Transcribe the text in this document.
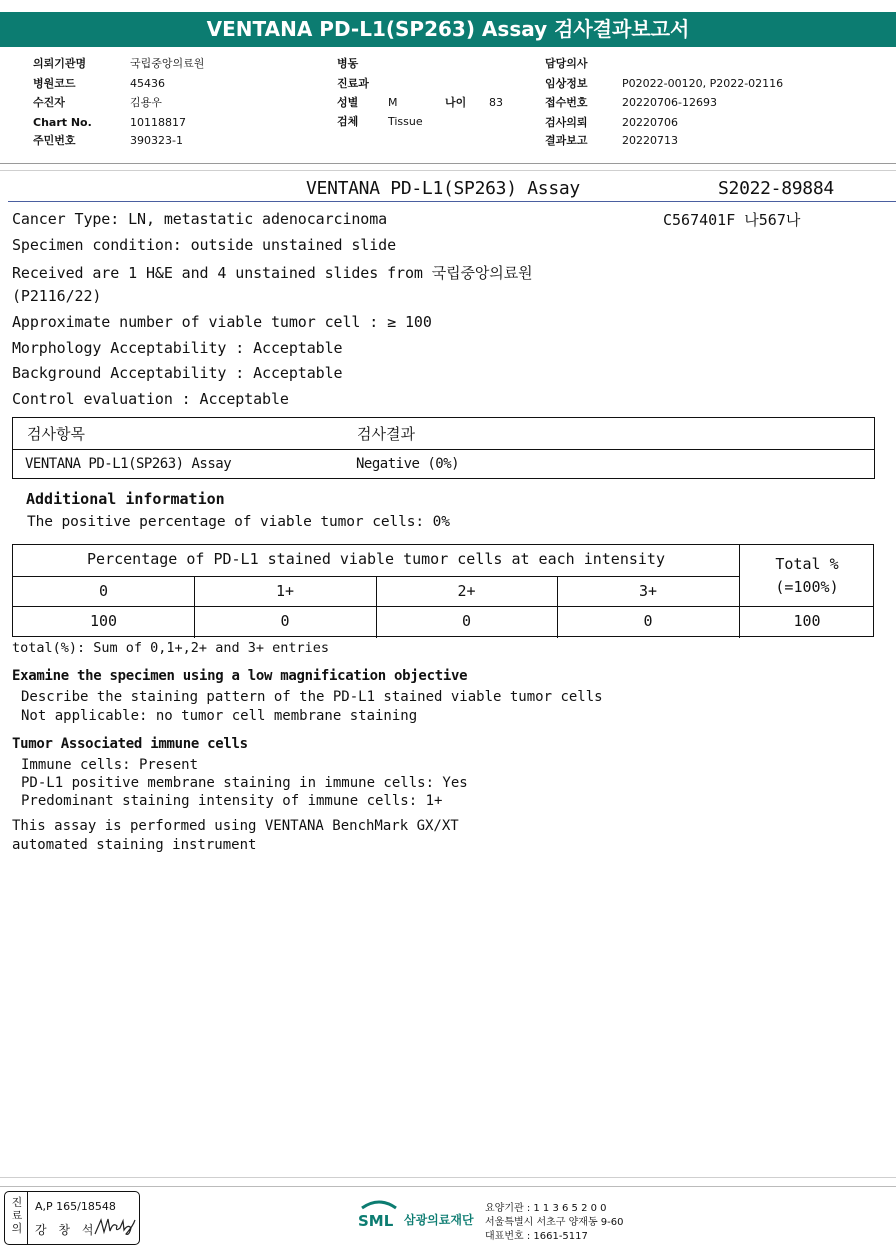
VENTANA PD-L1(SP263) Assay 검사결과보고서
의뢰기관명	국립중앙의료원
병원코드	45436
수진자	김용우
Chart No.	10118817
주민번호	390323-1
병동
진료과
성별	M	나이 83
검체	Tissue
담당의사
임상정보	P02022-00120, P2022-02116
접수번호	20220706-12693
검사의뢰	20220706
결과보고	20220713
VENTANA PD-L1(SP263) Assay	S2022-89884
Cancer Type: LN, metastatic adenocarcinoma	C567401F 나567나
Specimen condition: outside unstained slide
Received are 1 H&E and 4 unstained slides from 국립중앙의료원
(P2116/22)
Approximate number of viable tumor cell : ≥ 100
Morphology Acceptability : Acceptable
Background Acceptability : Acceptable
Control evaluation : Acceptable
검사항목	검사결과
VENTANA PD-L1(SP263) Assay	Negative (0%)
Additional information
The positive percentage of viable tumor cells: 0%
Percentage of PD-L1 stained viable tumor cells at each intensity	Total %
(=100%)
0	1+	2+	3+
100	0	0	0	100
total(%): Sum of 0,1+,2+ and 3+ entries
Examine the specimen using a low magnification objective
Describe the staining pattern of the PD-L1 stained viable tumor cells
Not applicable: no tumor cell membrane staining
Tumor Associated immune cells
Immune cells: Present
PD-L1 positive membrane staining in immune cells: Yes
Predominant staining intensity of immune cells: 1+
This assay is performed using VENTANA BenchMark GX/XT
automated staining instrument
진료의
A,P 165/18548
강 창 석	SML 삼광의료재단
요양기관 : 1 1 3 6 5 2 0 0
서울특별시 서초구 양재동 9-60
대표번호 : 1661-5117
